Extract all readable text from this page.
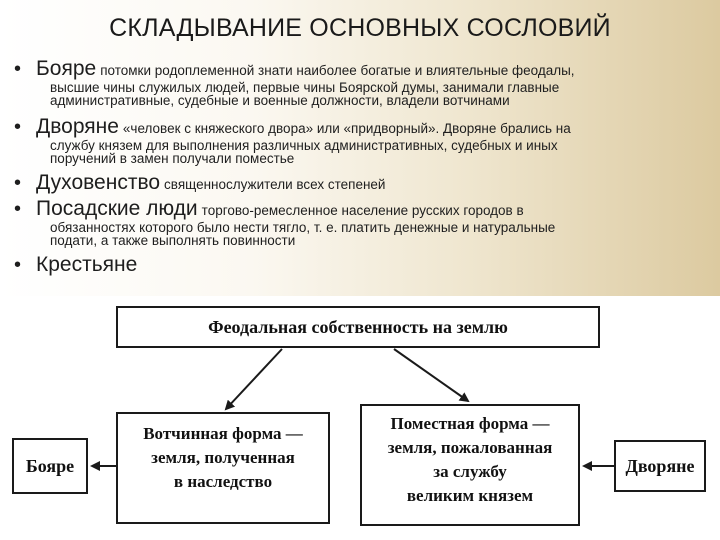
СКЛАДЫВАНИЕ ОСНОВНЫХ СОСЛОВИЙ
• Бояре потомки родоплеменной знати наиболее богатые и влиятельные феодалы,
высшие чины служилых людей, первые чины Боярской думы, занимали главные
административные, судебные и военные должности, владели вотчинами
• Дворяне «человек с княжеского двора» или «придворный». Дворяне брались на
службу князем для выполнения различных административных, судебных и иных
поручений в замен получали поместье
• Духовенство священнослужители всех степеней
• Посадские люди торгово-ремесленное население русских городов в
обязанностях которого было нести тягло, т. е. платить денежные и натуральные
подати, а также выполнять повинности
• Крестьяне
Феодальная собственность на землю
Вотчинная форма —
земля, полученная
в наследство
Поместная форма —
земля, пожалованная
за службу
великим князем
Бояре	Дворяне
